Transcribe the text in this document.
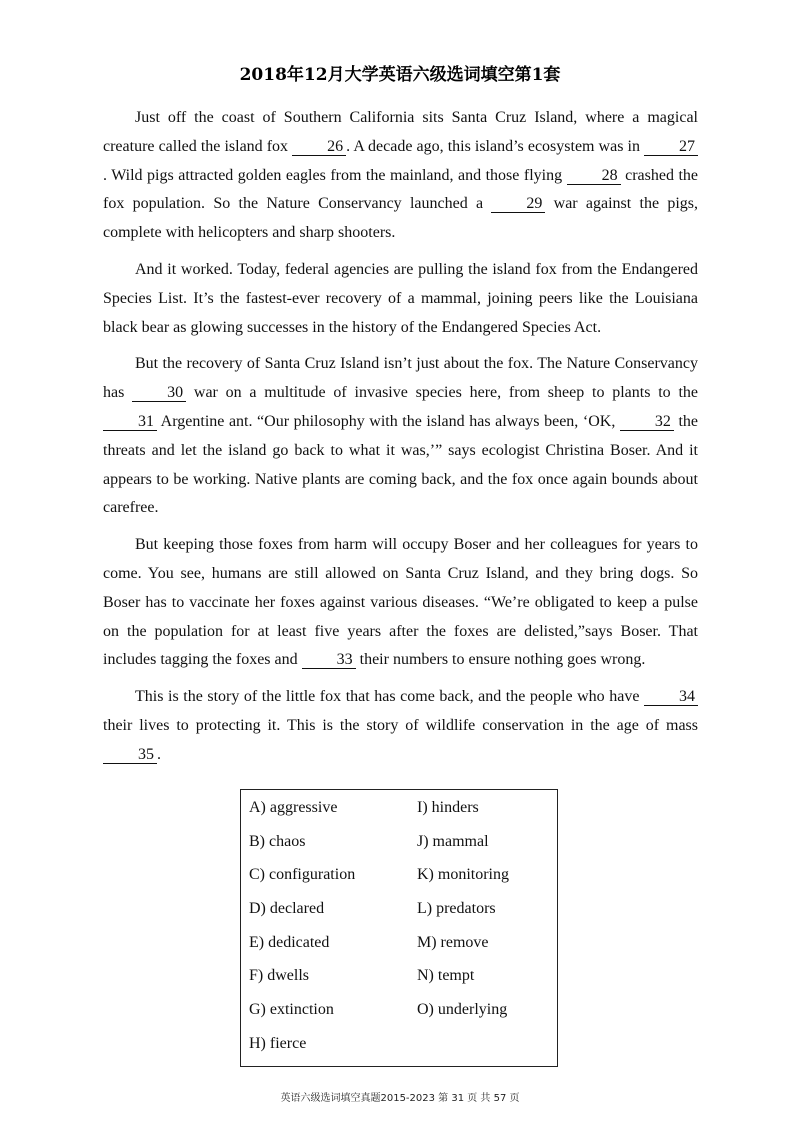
2018年12月大学英语六级选词填空第1套

Just off the coast of Southern California sits Santa Cruz Island, where a magical creature called the island fox 26 . A decade ago, this island’s ecosystem was in 27. Wild pigs attracted golden eagles from the mainland, and those flying 28 crashed the fox population. So the Nature Conservancy launched a 29 war against the pigs, complete with helicopters and sharp shooters.

And it worked. Today, federal agencies are pulling the island fox from the Endangered Species List. It’s the fastest-ever recovery of a mammal, joining peers like the Louisiana black bear as glowing successes in the history of the Endangered Species Act.

But the recovery of Santa Cruz Island isn’t just about the fox. The Nature Conservancy has 30 war on a multitude of invasive species here, from sheep to plants to the 31 Argentine ant. “Our philosophy with the island has always been, ‘OK, 32 the threats and let the island go back to what it was,’” says ecologist Christina Boser. And it appears to be working. Native plants are coming back, and the fox once again bounds about carefree.

But keeping those foxes from harm will occupy Boser and her colleagues for years to come. You see, humans are still allowed on Santa Cruz Island, and they bring dogs. So Boser has to vaccinate her foxes against various diseases. “We’re obligated to keep a pulse on the population for at least five years after the foxes are delisted,”says Boser. That includes tagging the foxes and 33 their numbers to ensure nothing goes wrong.

This is the story of the little fox that has come back, and the people who have 34 their lives to protecting it. This is the story of wildlife conservation in the age of mass 35 .

A) aggressive
B) chaos
C) configuration
D) declared
E) dedicated
F) dwells
G) extinction
H) fierce
I) hinders
J) mammal
K) monitoring
L) predators
M) remove
N) tempt
O) underlying
英语六级选词填空真题2015-2023 第 31 页 共 57 页
